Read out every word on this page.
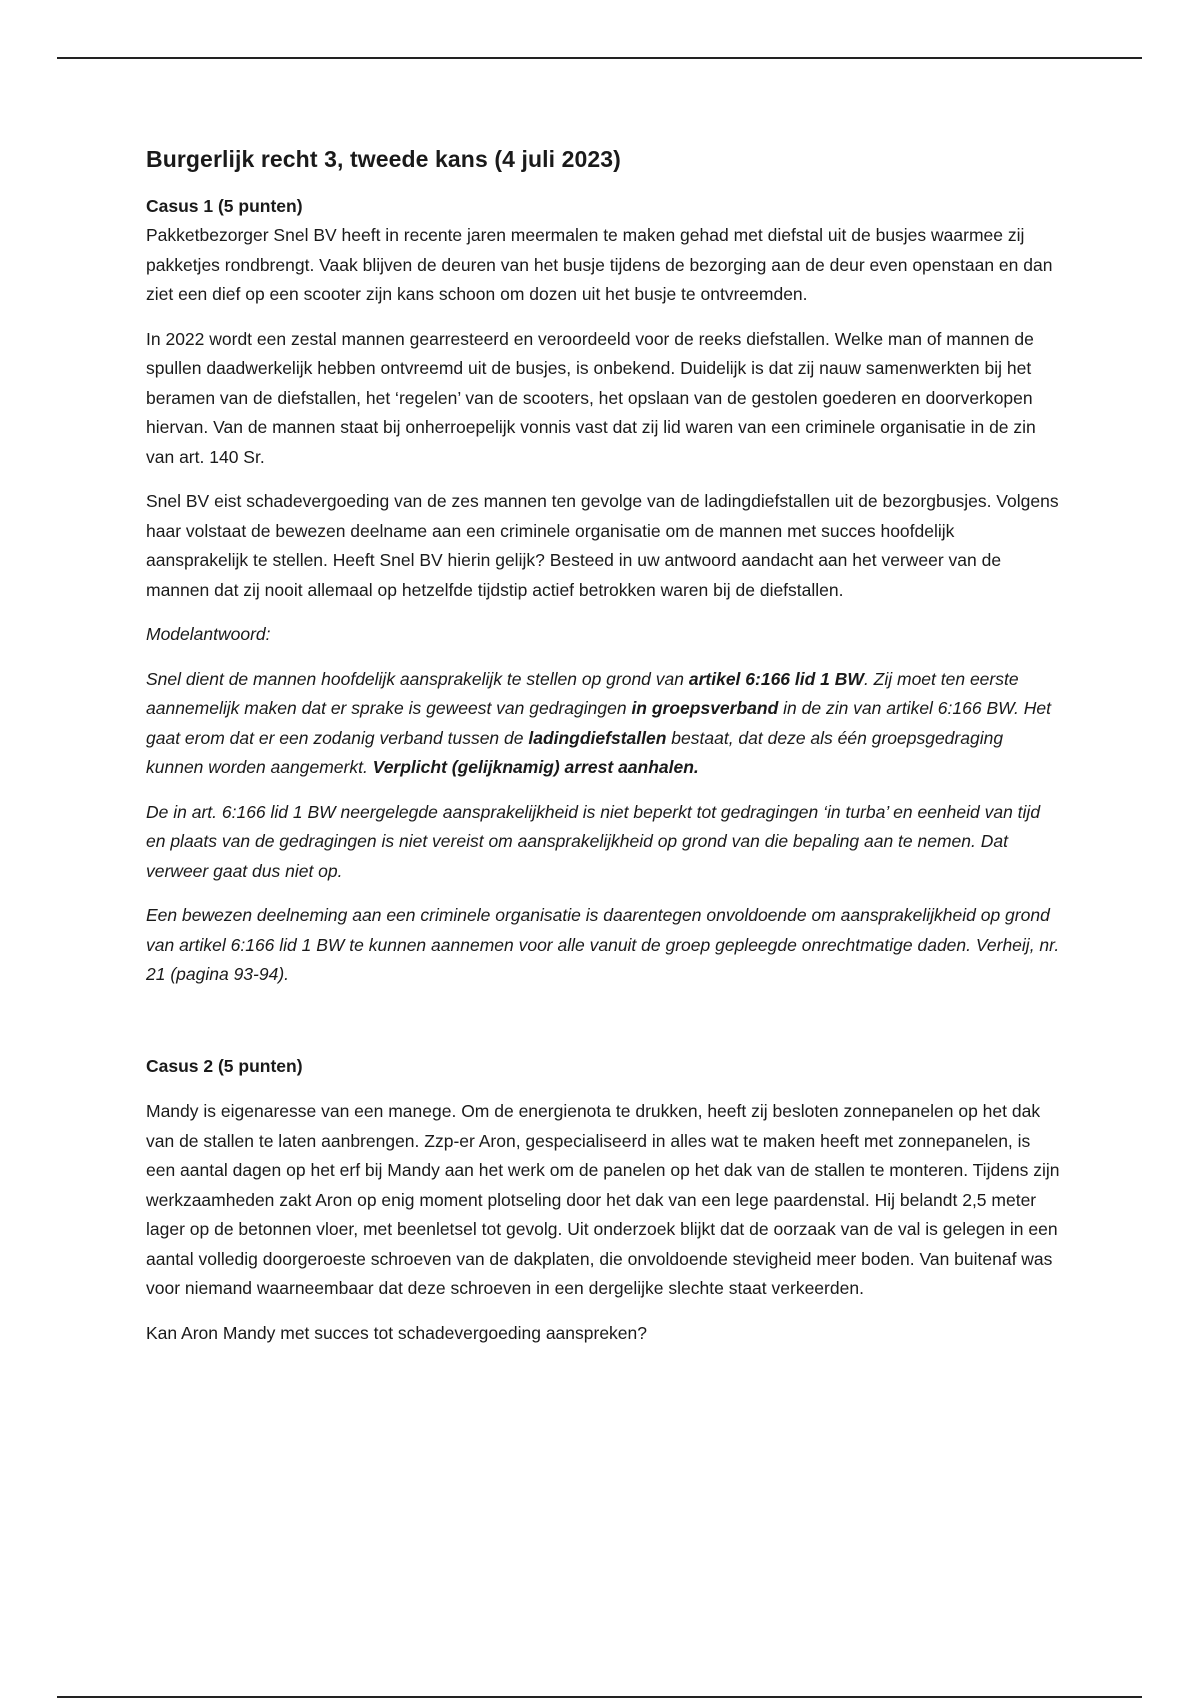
Burgerlijk recht 3, tweede kans (4 juli 2023)
Casus 1 (5 punten)

Pakketbezorger Snel BV heeft in recente jaren meermalen te maken gehad met diefstal uit de busjes waarmee zij pakketjes rondbrengt. Vaak blijven de deuren van het busje tijdens de bezorging aan de deur even openstaan en dan ziet een dief op een scooter zijn kans schoon om dozen uit het busje te ontvreemden.

In 2022 wordt een zestal mannen gearresteerd en veroordeeld voor de reeks diefstallen. Welke man of mannen de spullen daadwerkelijk hebben ontvreemd uit de busjes, is onbekend. Duidelijk is dat zij nauw samenwerkten bij het beramen van de diefstallen, het ‘regelen’ van de scooters, het opslaan van de gestolen goederen en doorverkopen hiervan. Van de mannen staat bij onherroepelijk vonnis vast dat zij lid waren van een criminele organisatie in de zin van art. 140 Sr.

Snel BV eist schadevergoeding van de zes mannen ten gevolge van de ladingdiefstallen uit de bezorgbusjes. Volgens haar volstaat de bewezen deelname aan een criminele organisatie om de mannen met succes hoofdelijk aansprakelijk te stellen. Heeft Snel BV hierin gelijk? Besteed in uw antwoord aandacht aan het verweer van de mannen dat zij nooit allemaal op hetzelfde tijdstip actief betrokken waren bij de diefstallen.

Modelantwoord:

Snel dient de mannen hoofdelijk aansprakelijk te stellen op grond van artikel 6:166 lid 1 BW. Zij moet ten eerste aannemelijk maken dat er sprake is geweest van gedragingen in groepsverband in de zin van artikel 6:166 BW. Het gaat erom dat er een zodanig verband tussen de ladingdiefstallen bestaat, dat deze als één groepsgedraging kunnen worden aangemerkt. Verplicht (gelijknamig) arrest aanhalen.

De in art. 6:166 lid 1 BW neergelegde aansprakelijkheid is niet beperkt tot gedragingen ‘in turba’ en eenheid van tijd en plaats van de gedragingen is niet vereist om aansprakelijkheid op grond van die bepaling aan te nemen. Dat verweer gaat dus niet op.

Een bewezen deelneming aan een criminele organisatie is daarentegen onvoldoende om aansprakelijkheid op grond van artikel 6:166 lid 1 BW te kunnen aannemen voor alle vanuit de groep gepleegde onrechtmatige daden. Verheij, nr. 21 (pagina 93-94).

Casus 2 (5 punten)

Mandy is eigenaresse van een manege. Om de energienota te drukken, heeft zij besloten zonnepanelen op het dak van de stallen te laten aanbrengen. Zzp-er Aron, gespecialiseerd in alles wat te maken heeft met zonnepanelen, is een aantal dagen op het erf bij Mandy aan het werk om de panelen op het dak van de stallen te monteren. Tijdens zijn werkzaamheden zakt Aron op enig moment plotseling door het dak van een lege paardenstal. Hij belandt 2,5 meter lager op de betonnen vloer, met beenletsel tot gevolg. Uit onderzoek blijkt dat de oorzaak van de val is gelegen in een aantal volledig doorgeroeste schroeven van de dakplaten, die onvoldoende stevigheid meer boden. Van buitenaf was voor niemand waarneembaar dat deze schroeven in een dergelijke slechte staat verkeerden.

Kan Aron Mandy met succes tot schadevergoeding aanspreken?
